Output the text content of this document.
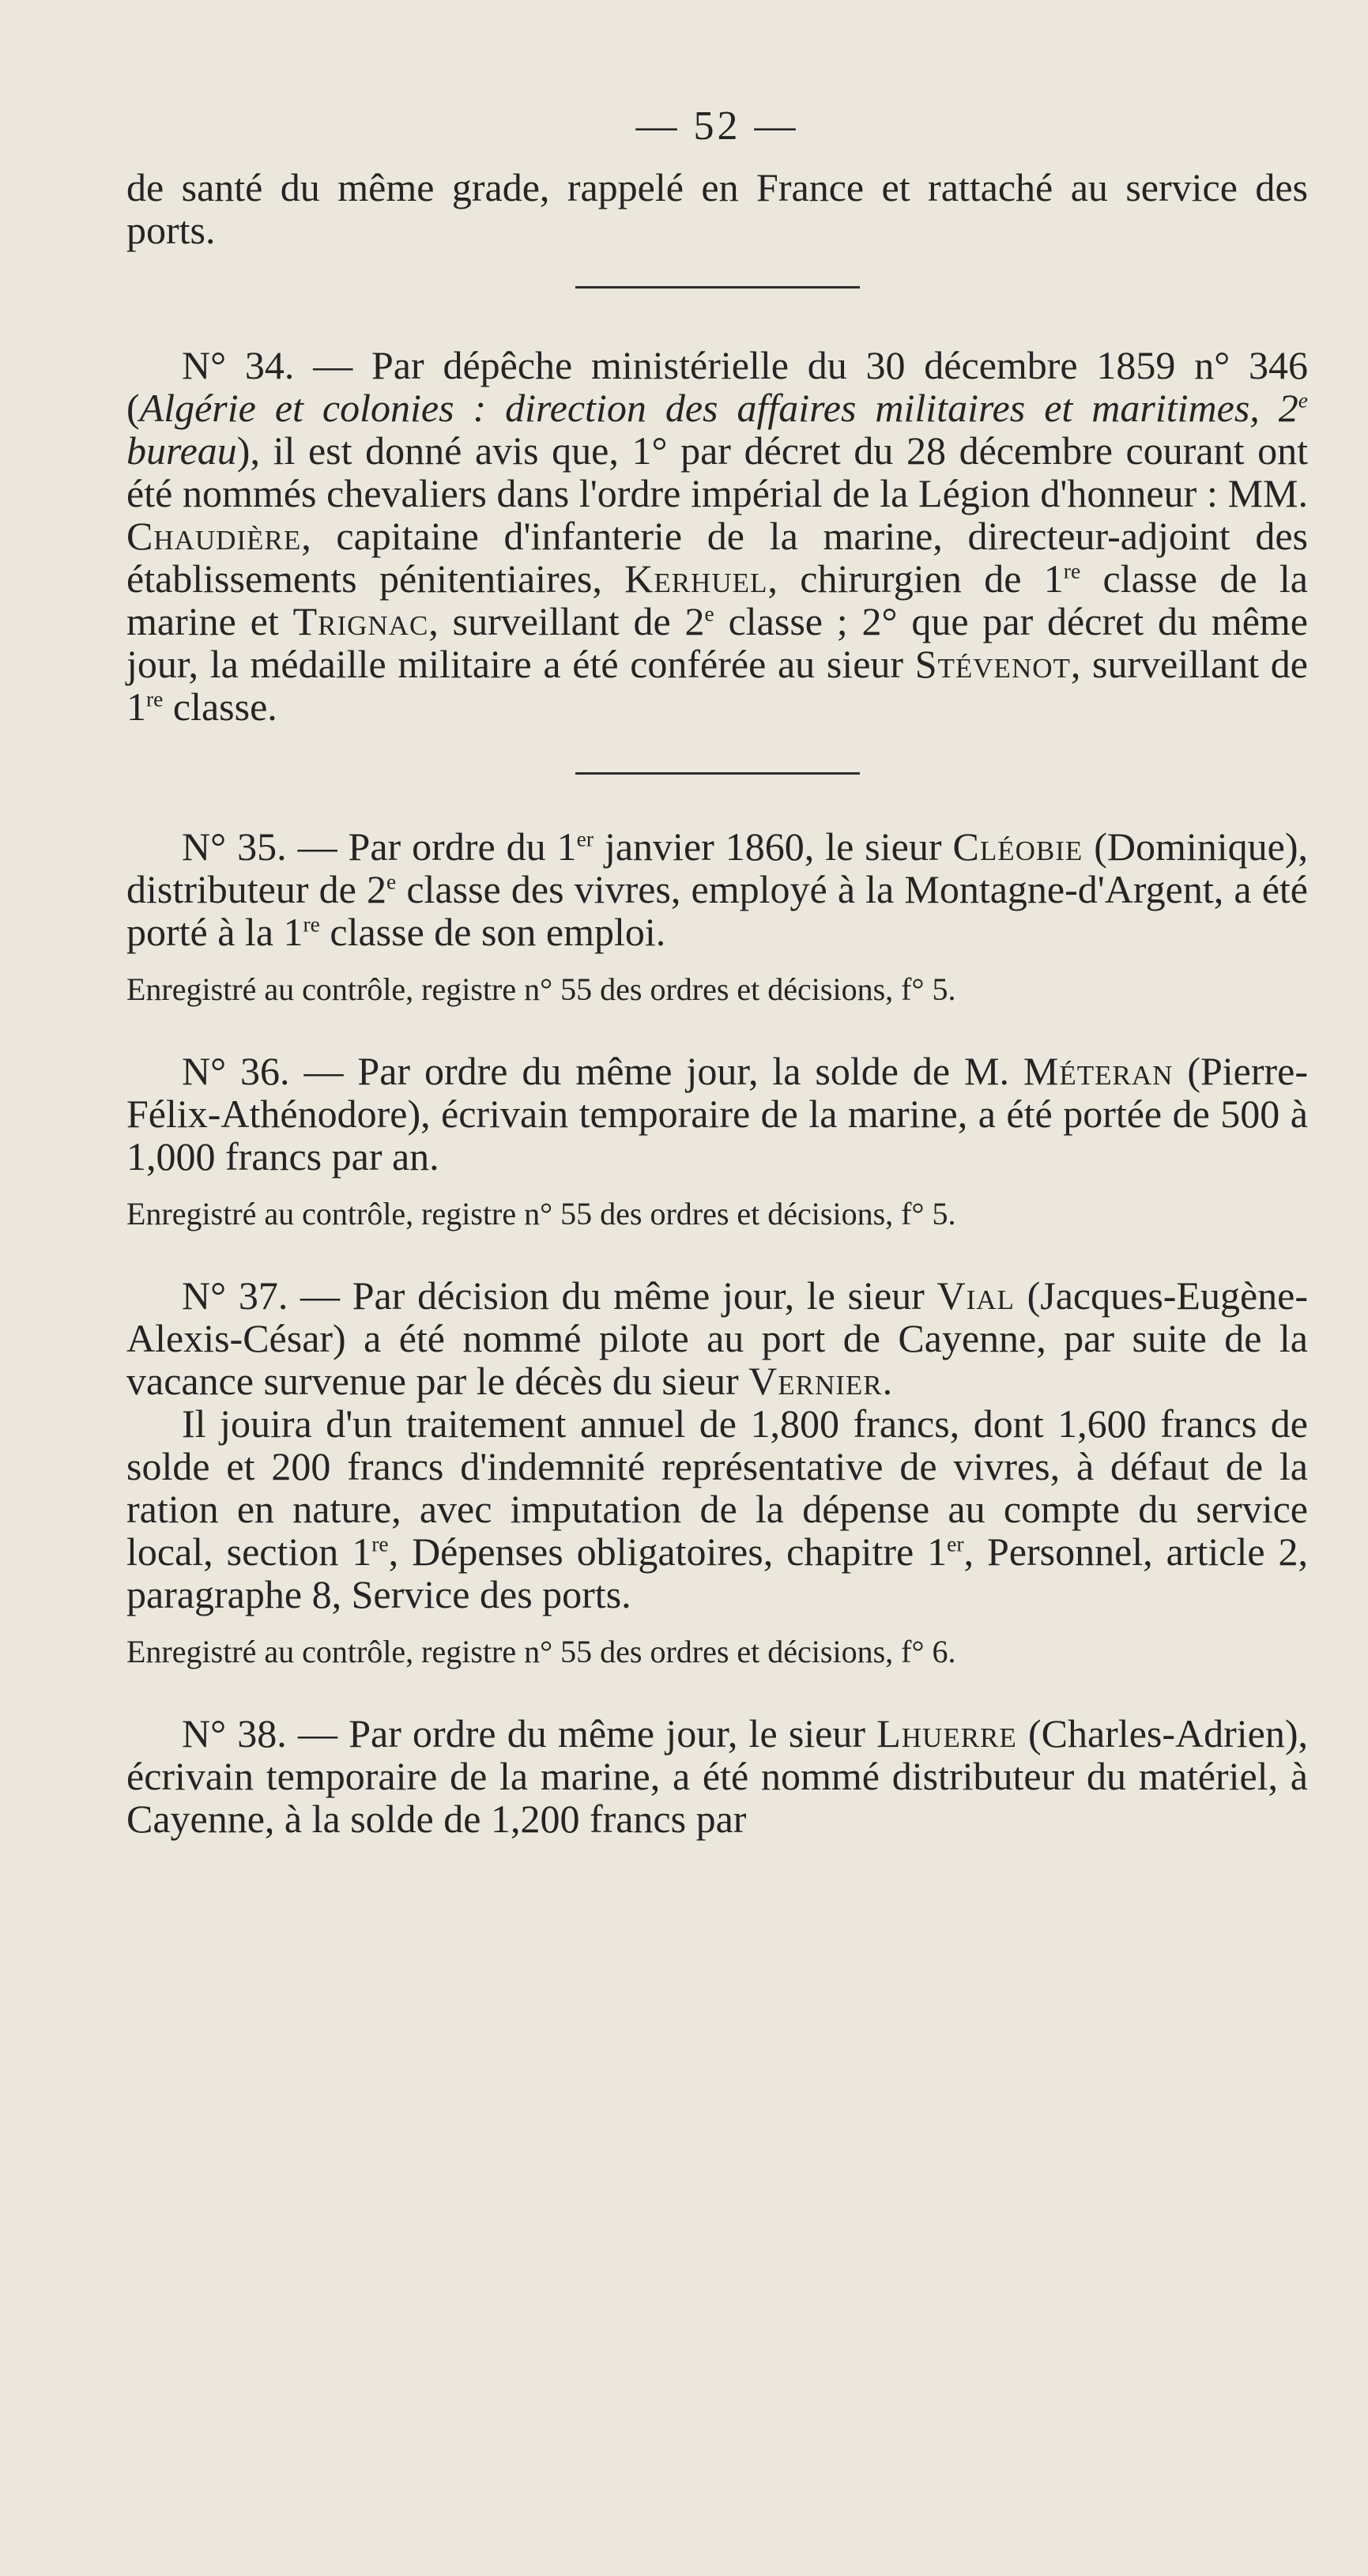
— 52 —

de santé du même grade, rappelé en France et rattaché au service des ports.

N° 34. — Par dépêche ministérielle du 30 décembre 1859 n° 346 (Algérie et colonies : direction des affaires militaires et maritimes, 2e bureau), il est donné avis que, 1° par décret du 28 décembre courant ont été nommés chevaliers dans l'ordre impérial de la Légion d'honneur : MM. Chaudière, capitaine d'infanterie de la marine, directeur-adjoint des établissements pénitentiaires, Kerhuel, chirurgien de 1re classe de la marine et Trignac, surveillant de 2e classe ; 2° que par décret du même jour, la médaille militaire a été conférée au sieur Stévenot, surveillant de 1re classe.

N° 35. — Par ordre du 1er janvier 1860, le sieur Cléobie (Dominique), distributeur de 2e classe des vivres, employé à la Montagne-d'Argent, a été porté à la 1re classe de son emploi.

Enregistré au contrôle, registre n° 55 des ordres et décisions, f° 5.

N° 36. — Par ordre du même jour, la solde de M. Méteran (Pierre-Félix-Athénodore), écrivain temporaire de la marine, a été portée de 500 à 1,000 francs par an.

Enregistré au contrôle, registre n° 55 des ordres et décisions, f° 5.

N° 37. — Par décision du même jour, le sieur Vial (Jacques-Eugène-Alexis-César) a été nommé pilote au port de Cayenne, par suite de la vacance survenue par le décès du sieur Vernier.

Il jouira d'un traitement annuel de 1,800 francs, dont 1,600 francs de solde et 200 francs d'indemnité représentative de vivres, à défaut de la ration en nature, avec imputation de la dépense au compte du service local, section 1re, Dépenses obligatoires, chapitre 1er, Personnel, article 2, paragraphe 8, Service des ports.

Enregistré au contrôle, registre n° 55 des ordres et décisions, f° 6.

N° 38. — Par ordre du même jour, le sieur Lhuerre (Charles-Adrien), écrivain temporaire de la marine, a été nommé distributeur du matériel, à Cayenne, à la solde de 1,200 francs par
